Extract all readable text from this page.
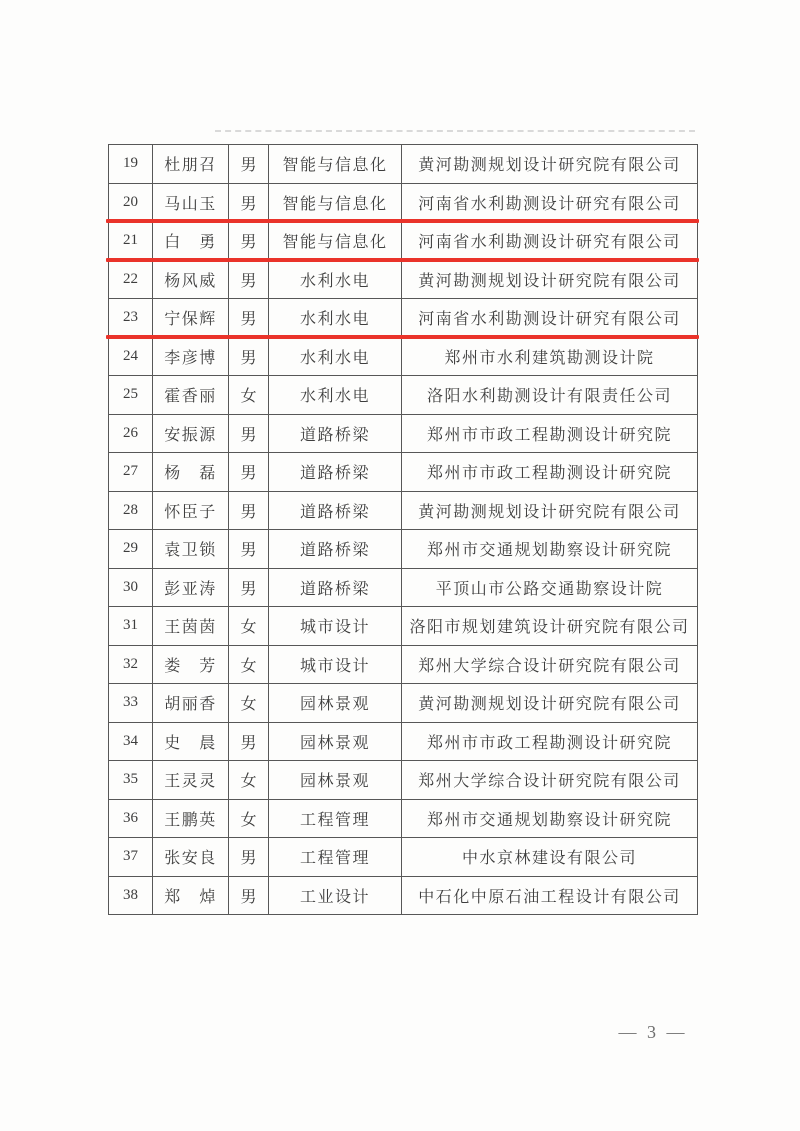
19	杜朋召	男	智能与信息化	黄河勘测规划设计研究院有限公司
20	马山玉	男	智能与信息化	河南省水利勘测设计研究有限公司
21	白　勇	男	智能与信息化	河南省水利勘测设计研究有限公司
22	杨风威	男	水利水电	黄河勘测规划设计研究院有限公司
23	宁保辉	男	水利水电	河南省水利勘测设计研究有限公司
24	李彦博	男	水利水电	郑州市水利建筑勘测设计院
25	霍香丽	女	水利水电	洛阳水利勘测设计有限责任公司
26	安振源	男	道路桥梁	郑州市市政工程勘测设计研究院
27	杨　磊	男	道路桥梁	郑州市市政工程勘测设计研究院
28	怀臣子	男	道路桥梁	黄河勘测规划设计研究院有限公司
29	袁卫锁	男	道路桥梁	郑州市交通规划勘察设计研究院
30	彭亚涛	男	道路桥梁	平顶山市公路交通勘察设计院
31	王茵茵	女	城市设计	洛阳市规划建筑设计研究院有限公司
32	娄　芳	女	城市设计	郑州大学综合设计研究院有限公司
33	胡丽香	女	园林景观	黄河勘测规划设计研究院有限公司
34	史　晨	男	园林景观	郑州市市政工程勘测设计研究院
35	王灵灵	女	园林景观	郑州大学综合设计研究院有限公司
36	王鹏英	女	工程管理	郑州市交通规划勘察设计研究院
37	张安良	男	工程管理	中水京林建设有限公司
38	郑　焯	男	工业设计	中石化中原石油工程设计有限公司
— 3 —
